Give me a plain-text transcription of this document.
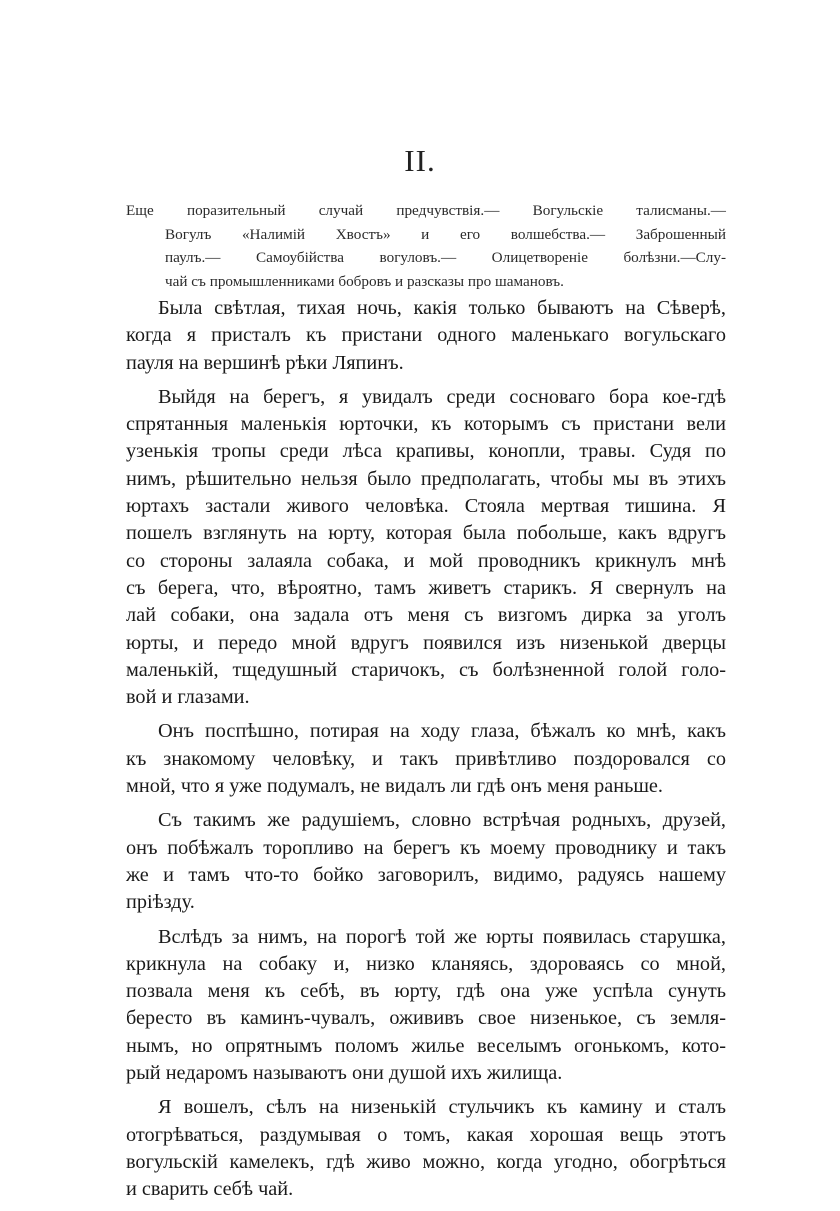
II.
Еще поразительный случай предчувствія.— Вогульскіе талисманы.—
Вогулъ «Налимій Хвостъ» и его волшебства.— Заброшенный
паулъ.— Самоубійства вогуловъ.— Олицетвореніе болѣзни.—Слу-
чай съ промышленниками бобровъ и разсказы про шамановъ.
Была свѣтлая, тихая ночь, какія только бываютъ на Сѣверѣ,
когда я присталъ къ пристани одного маленькаго вогульскаго
пауля на вершинѣ рѣки Ляпинъ.
Выйдя на берегъ, я увидалъ среди сосноваго бора кое-гдѣ
спрятанныя маленькія юрточки, къ которымъ съ пристани вели
узенькія тропы среди лѣса крапивы, конопли, травы. Судя по
нимъ, рѣшительно нельзя было предполагать, чтобы мы въ этихъ
юртахъ застали живого человѣка. Стояла мертвая тишина. Я
пошелъ взглянуть на юрту, которая была побольше, какъ вдругъ
со стороны залаяла собака, и мой проводникъ крикнулъ мнѣ
съ берега, что, вѣроятно, тамъ живетъ старикъ. Я свернулъ на
лай собаки, она задала отъ меня съ визгомъ дирка за уголъ
юрты, и передо мной вдругъ появился изъ низенькой дверцы
маленькій, тщедушный старичокъ, съ болѣзненной голой голо-
вой и глазами.
Онъ поспѣшно, потирая на ходу глаза, бѣжалъ ко мнѣ, какъ
къ знакомому человѣку, и такъ привѣтливо поздоровался со
мной, что я уже подумалъ, не видалъ ли гдѣ онъ меня раньше.
Съ такимъ же радушіемъ, словно встрѣчая родныхъ, друзей,
онъ побѣжалъ торопливо на берегъ къ моему проводнику и такъ
же и тамъ что-то бойко заговорилъ, видимо, радуясь нашему
пріѣзду.
Вслѣдъ за нимъ, на порогѣ той же юрты появилась старушка,
крикнула на собаку и, низко кланяясь, здороваясь со мной,
позвала меня къ себѣ, въ юрту, гдѣ она уже успѣла сунуть
бересто въ каминъ-чувалъ, ожививъ свое низенькое, съ земля-
нымъ, но опрятнымъ поломъ жилье веселымъ огонькомъ, кото-
рый недаромъ называютъ они душой ихъ жилища.
Я вошелъ, сѣлъ на низенькій стульчикъ къ камину и сталъ
отогрѣваться, раздумывая о томъ, какая хорошая вещь этотъ
вогульскій камелекъ, гдѣ живо можно, когда угодно, обогрѣться
и сварить себѣ чай.
